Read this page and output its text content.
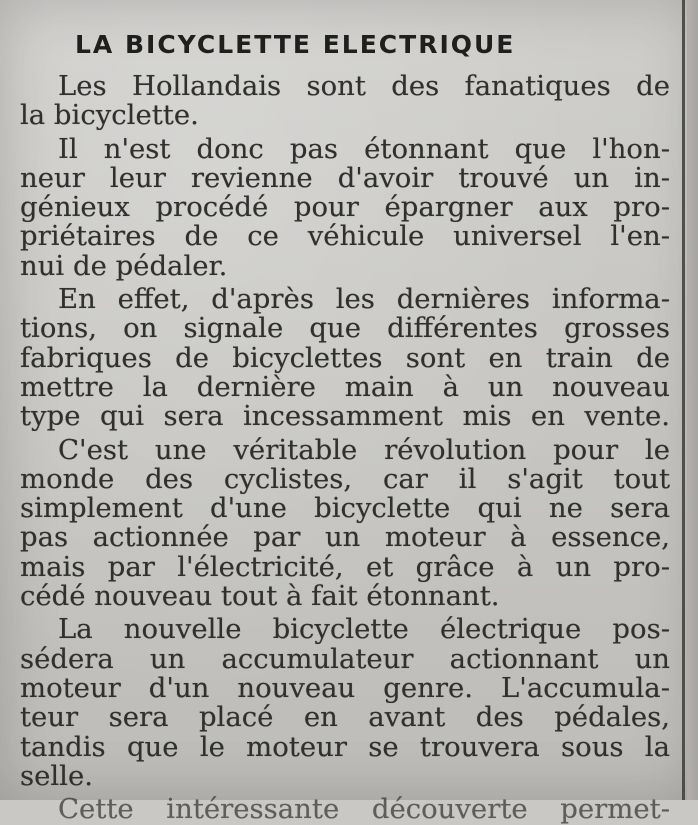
LA BICYCLETTE ELECTRIQUE
Les Hollandais sont des fanatiques de
la bicyclette.
Il n'est donc pas étonnant que l'hon-
neur leur revienne d'avoir trouvé un in-
génieux procédé pour épargner aux pro-
priétaires de ce véhicule universel l'en-
nui de pédaler.
En effet, d'après les dernières informa-
tions, on signale que différentes grosses
fabriques de bicyclettes sont en train de
mettre la dernière main à un nouveau
type qui sera incessamment mis en vente.
C'est une véritable révolution pour le
monde des cyclistes, car il s'agit tout
simplement d'une bicyclette qui ne sera
pas actionnée par un moteur à essence,
mais par l'électricité, et grâce à un pro-
cédé nouveau tout à fait étonnant.
La nouvelle bicyclette électrique pos-
sédera un accumulateur actionnant un
moteur d'un nouveau genre. L'accumula-
teur sera placé en avant des pédales,
tandis que le moteur se trouvera sous la
selle.
Cette intéressante découverte permet-
